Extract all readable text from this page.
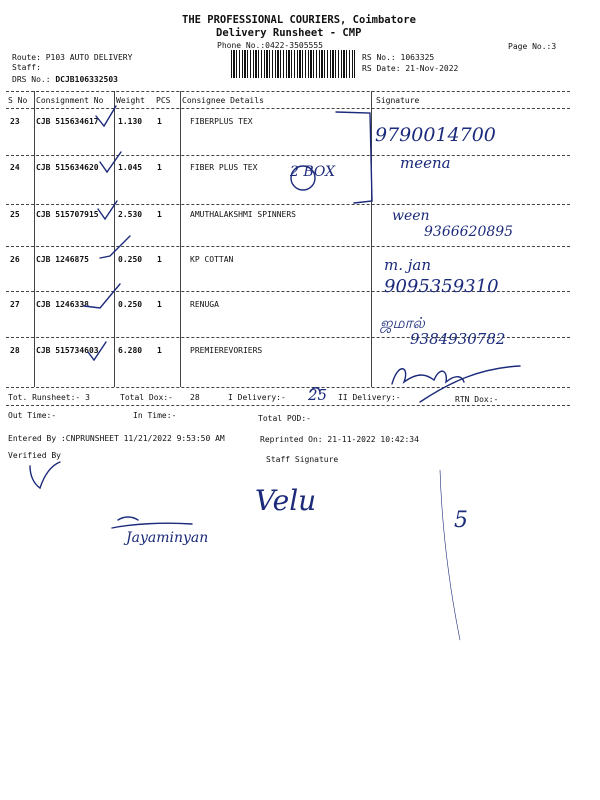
THE PROFESSIONAL COURIERS, Coimbatore
Delivery Runsheet - CMP
Phone No.:0422-3505555	Page No.:3
Route: P103 AUTO DELIVERY
Staff:
DRS No.: DCJB106332503
RS No.: 1063325
RS Date: 21-Nov-2022
S No Consignment No Weight PCS Consignee Details	Signature
23 CJB 515634617 1.130 1	FIBERPLUS TEX
24 CJB 515634620 1.045 1	FIBER PLUS TEX
25 CJB 515707915 2.530 1	AMUTHALAKSHMI SPINNERS
26 CJB 1246875	0.250 1	KP COTTAN
27 CJB 1246338	0.250 1	RENUGA
28 CJB 515734603 6.280 1	PREMIEREVORIERS
Tot. Runsheet:- 3	Total Dox:- 28	I Delivery:-	II Delivery:-	RTN Dox:-
Out Time:-	In Time:-	Total POD:-
Entered By :CNPRUNSHEET 11/21/2022 9:53:50 AM	Reprinted On: 21-11-2022 10:42:34
Verified By	Staff Signature
9790014700
meena
2 BOX
ween
9366620895
m. jan
9095359310
ஜமால்
9384930782
25
Velu
Jayaminyan
5
